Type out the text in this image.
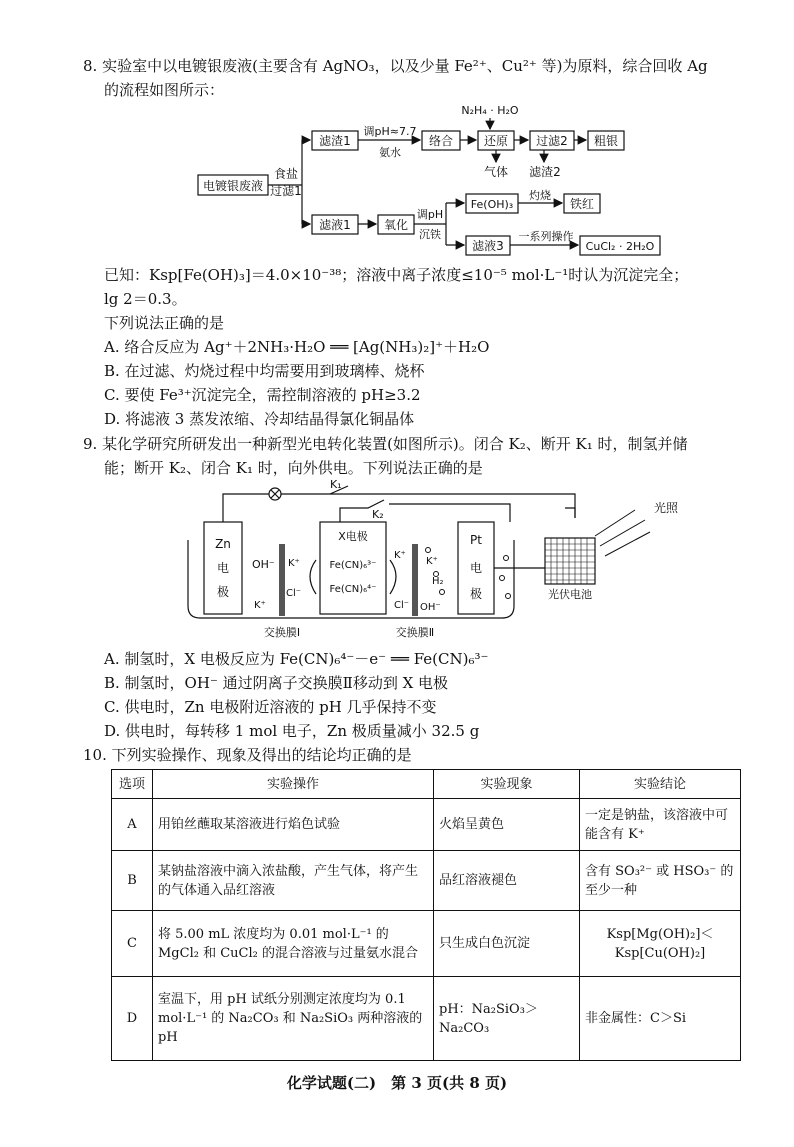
8. 实验室中以电镀银废液(主要含有 AgNO₃，以及少量 Fe²⁺、Cu²⁺ 等)为原料，综合回收 Ag
的流程如图所示：
电镀银废液
食盐
过滤1
滤渣1
调pH≈7.7
氨水
络合
N₂H₄ · H₂O
还原
气体
过滤2
滤渣2
粗银
滤液1	氧化
调pH
沉铁
Fe(OH)₃
灼烧
铁红
滤液3
一系列操作
CuCl₂ · 2H₂O
已知：Ksp[Fe(OH)₃]＝4.0×10⁻³⁸；溶液中离子浓度≤10⁻⁵ mol·L⁻¹时认为沉淀完全；
lg 2＝0.3。
下列说法正确的是
A. 络合反应为 Ag⁺＋2NH₃·H₂O ══ [Ag(NH₃)₂]⁺＋H₂O
B. 在过滤、灼烧过程中均需要用到玻璃棒、烧杯
C. 要使 Fe³⁺沉淀完全，需控制溶液的 pH≥3.2
D. 将滤液 3 蒸发浓缩、冷却结晶得氯化铜晶体
9. 某化学研究所研发出一种新型光电转化装置(如图所示)。闭合 K₂、断开 K₁ 时，制氢并储
能；断开 K₂、闭合 K₁ 时，向外供电。下列说法正确的是
K₁
K₂
Zn
电
极
OH⁻
K⁺
K⁺
Cl⁻
X电极
Fe(CN)₆³⁻
Fe(CN)₆⁴⁻
K⁺
Cl⁻
K⁺
H₂
OH⁻
Pt
电
极	光伏电池
光照
交换膜Ⅰ	交换膜Ⅱ
A. 制氢时，X 电极反应为 Fe(CN)₆⁴⁻－e⁻ ══ Fe(CN)₆³⁻
B. 制氢时，OH⁻ 通过阴离子交换膜Ⅱ移动到 X 电极
C. 供电时，Zn 电极附近溶液的 pH 几乎保持不变
D. 供电时，每转移 1 mol 电子，Zn 极质量减小 32.5 g
10. 下列实验操作、现象及得出的结论均正确的是
选项	实验操作	实验现象	实验结论
A	用铂丝蘸取某溶液进行焰色试验	火焰呈黄色	一定是钠盐，该溶液中可能含有 K⁺
B	某钠盐溶液中滴入浓盐酸，产生气体，将产生的气体通入品红溶液	品红溶液褪色	含有 SO₃²⁻ 或 HSO₃⁻ 的至少一种
C	将 5.00 mL 浓度均为 0.01 mol·L⁻¹ 的 MgCl₂ 和 CuCl₂ 的混合溶液与过量氨水混合	只生成白色沉淀	Ksp[Mg(OH)₂]＜Ksp[Cu(OH)₂]
D	室温下，用 pH 试纸分别测定浓度均为 0.1 mol·L⁻¹ 的 Na₂CO₃ 和 Na₂SiO₃ 两种溶液的 pH	pH：Na₂SiO₃＞Na₂CO₃	非金属性：C＞Si
化学试题(二)　第 3 页(共 8 页)
